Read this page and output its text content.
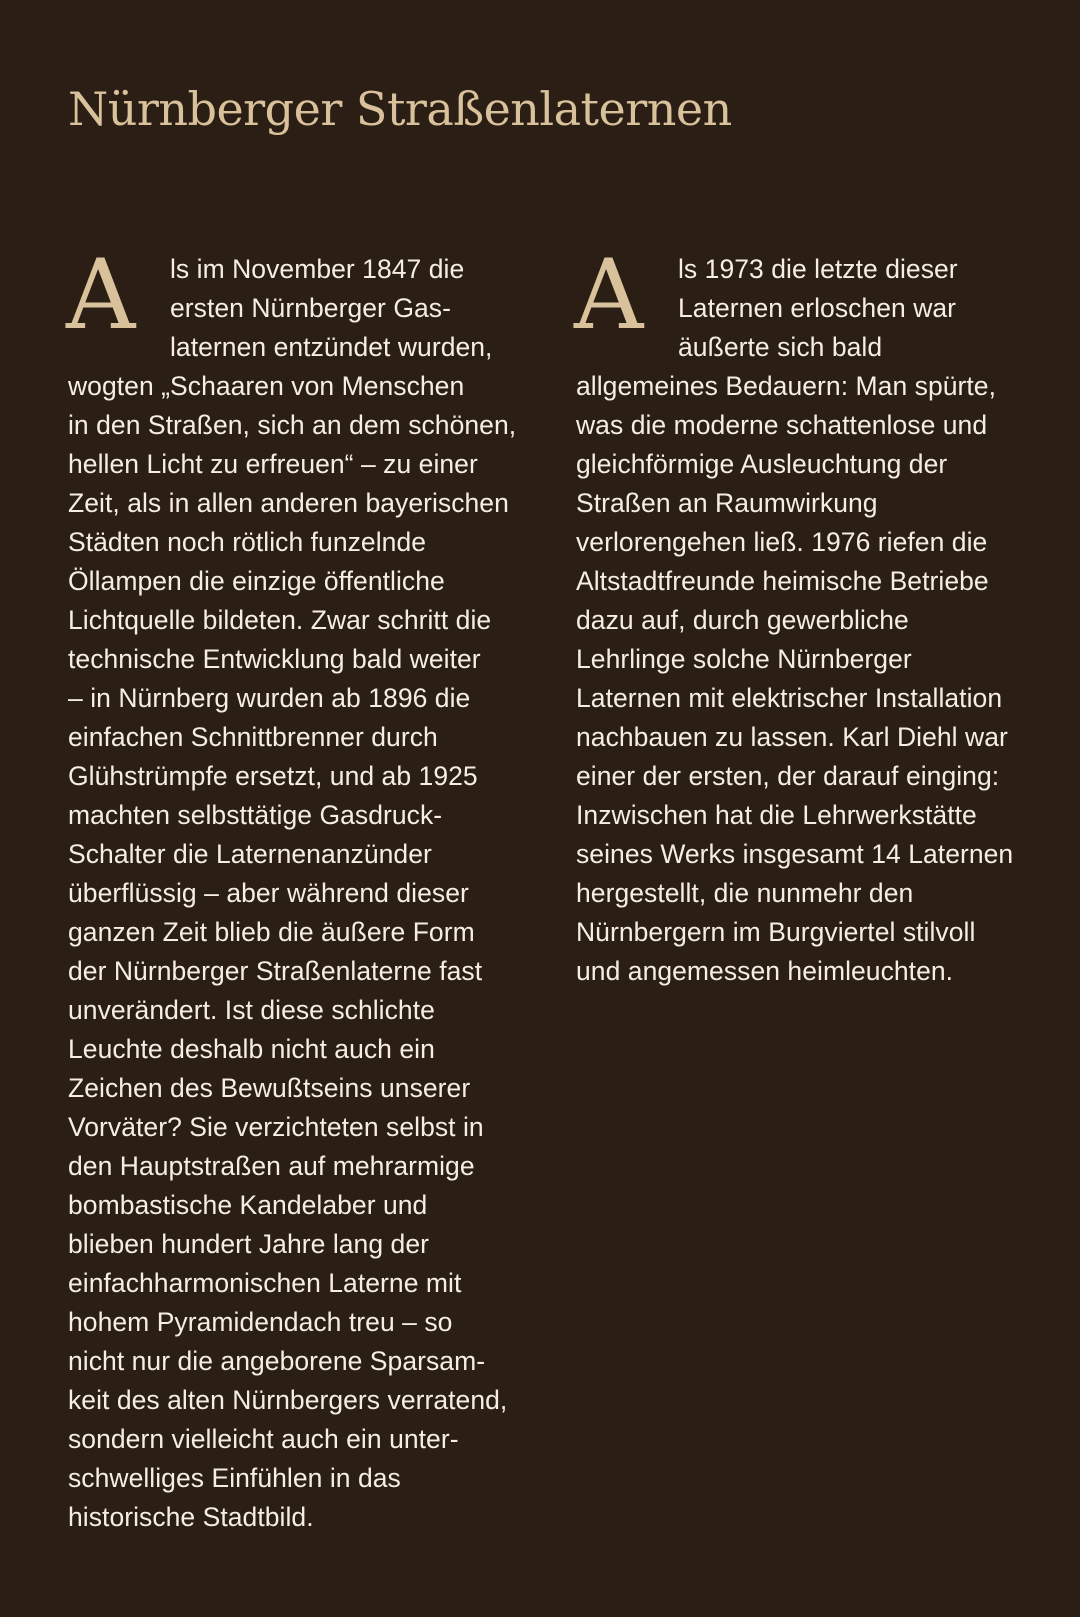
Nürnberger Straßenlaternen
A	ls im November 1847 die
ersten Nürnberger Gas-
laternen entzündet wurden,
wogten „Schaaren von Menschen
in den Straßen, sich an dem schönen,
hellen Licht zu erfreuen“ – zu einer
Zeit, als in allen anderen bayerischen
Städten noch rötlich funzelnde
Öllampen die einzige öffentliche
Lichtquelle bildeten. Zwar schritt die
technische Entwicklung bald weiter
– in Nürnberg wurden ab 1896 die
einfachen Schnittbrenner durch
Glühstrümpfe ersetzt, und ab 1925
machten selbsttätige Gasdruck-
Schalter die Laternenanzünder
überflüssig – aber während dieser
ganzen Zeit blieb die äußere Form
der Nürnberger Straßenlaterne fast
unverändert. Ist diese schlichte
Leuchte deshalb nicht auch ein
Zeichen des Bewußtseins unserer
Vorväter? Sie verzichteten selbst in
den Hauptstraßen auf mehrarmige
bombastische Kandelaber und
blieben hundert Jahre lang der
einfachharmonischen Laterne mit
hohem Pyramidendach treu – so
nicht nur die angeborene Sparsam-
keit des alten Nürnbergers verratend,
sondern vielleicht auch ein unter-
schwelliges Einfühlen in das
historische Stadtbild.
A	ls 1973 die letzte dieser
Laternen erloschen war
äußerte sich bald
allgemeines Bedauern: Man spürte,
was die moderne schattenlose und
gleichförmige Ausleuchtung der
Straßen an Raumwirkung
verlorengehen ließ. 1976 riefen die
Altstadtfreunde heimische Betriebe
dazu auf, durch gewerbliche
Lehrlinge solche Nürnberger
Laternen mit elektrischer Installation
nachbauen zu lassen. Karl Diehl war
einer der ersten, der darauf einging:
Inzwischen hat die Lehrwerkstätte
seines Werks insgesamt 14 Laternen
hergestellt, die nunmehr den
Nürnbergern im Burgviertel stilvoll
und angemessen heimleuchten.
